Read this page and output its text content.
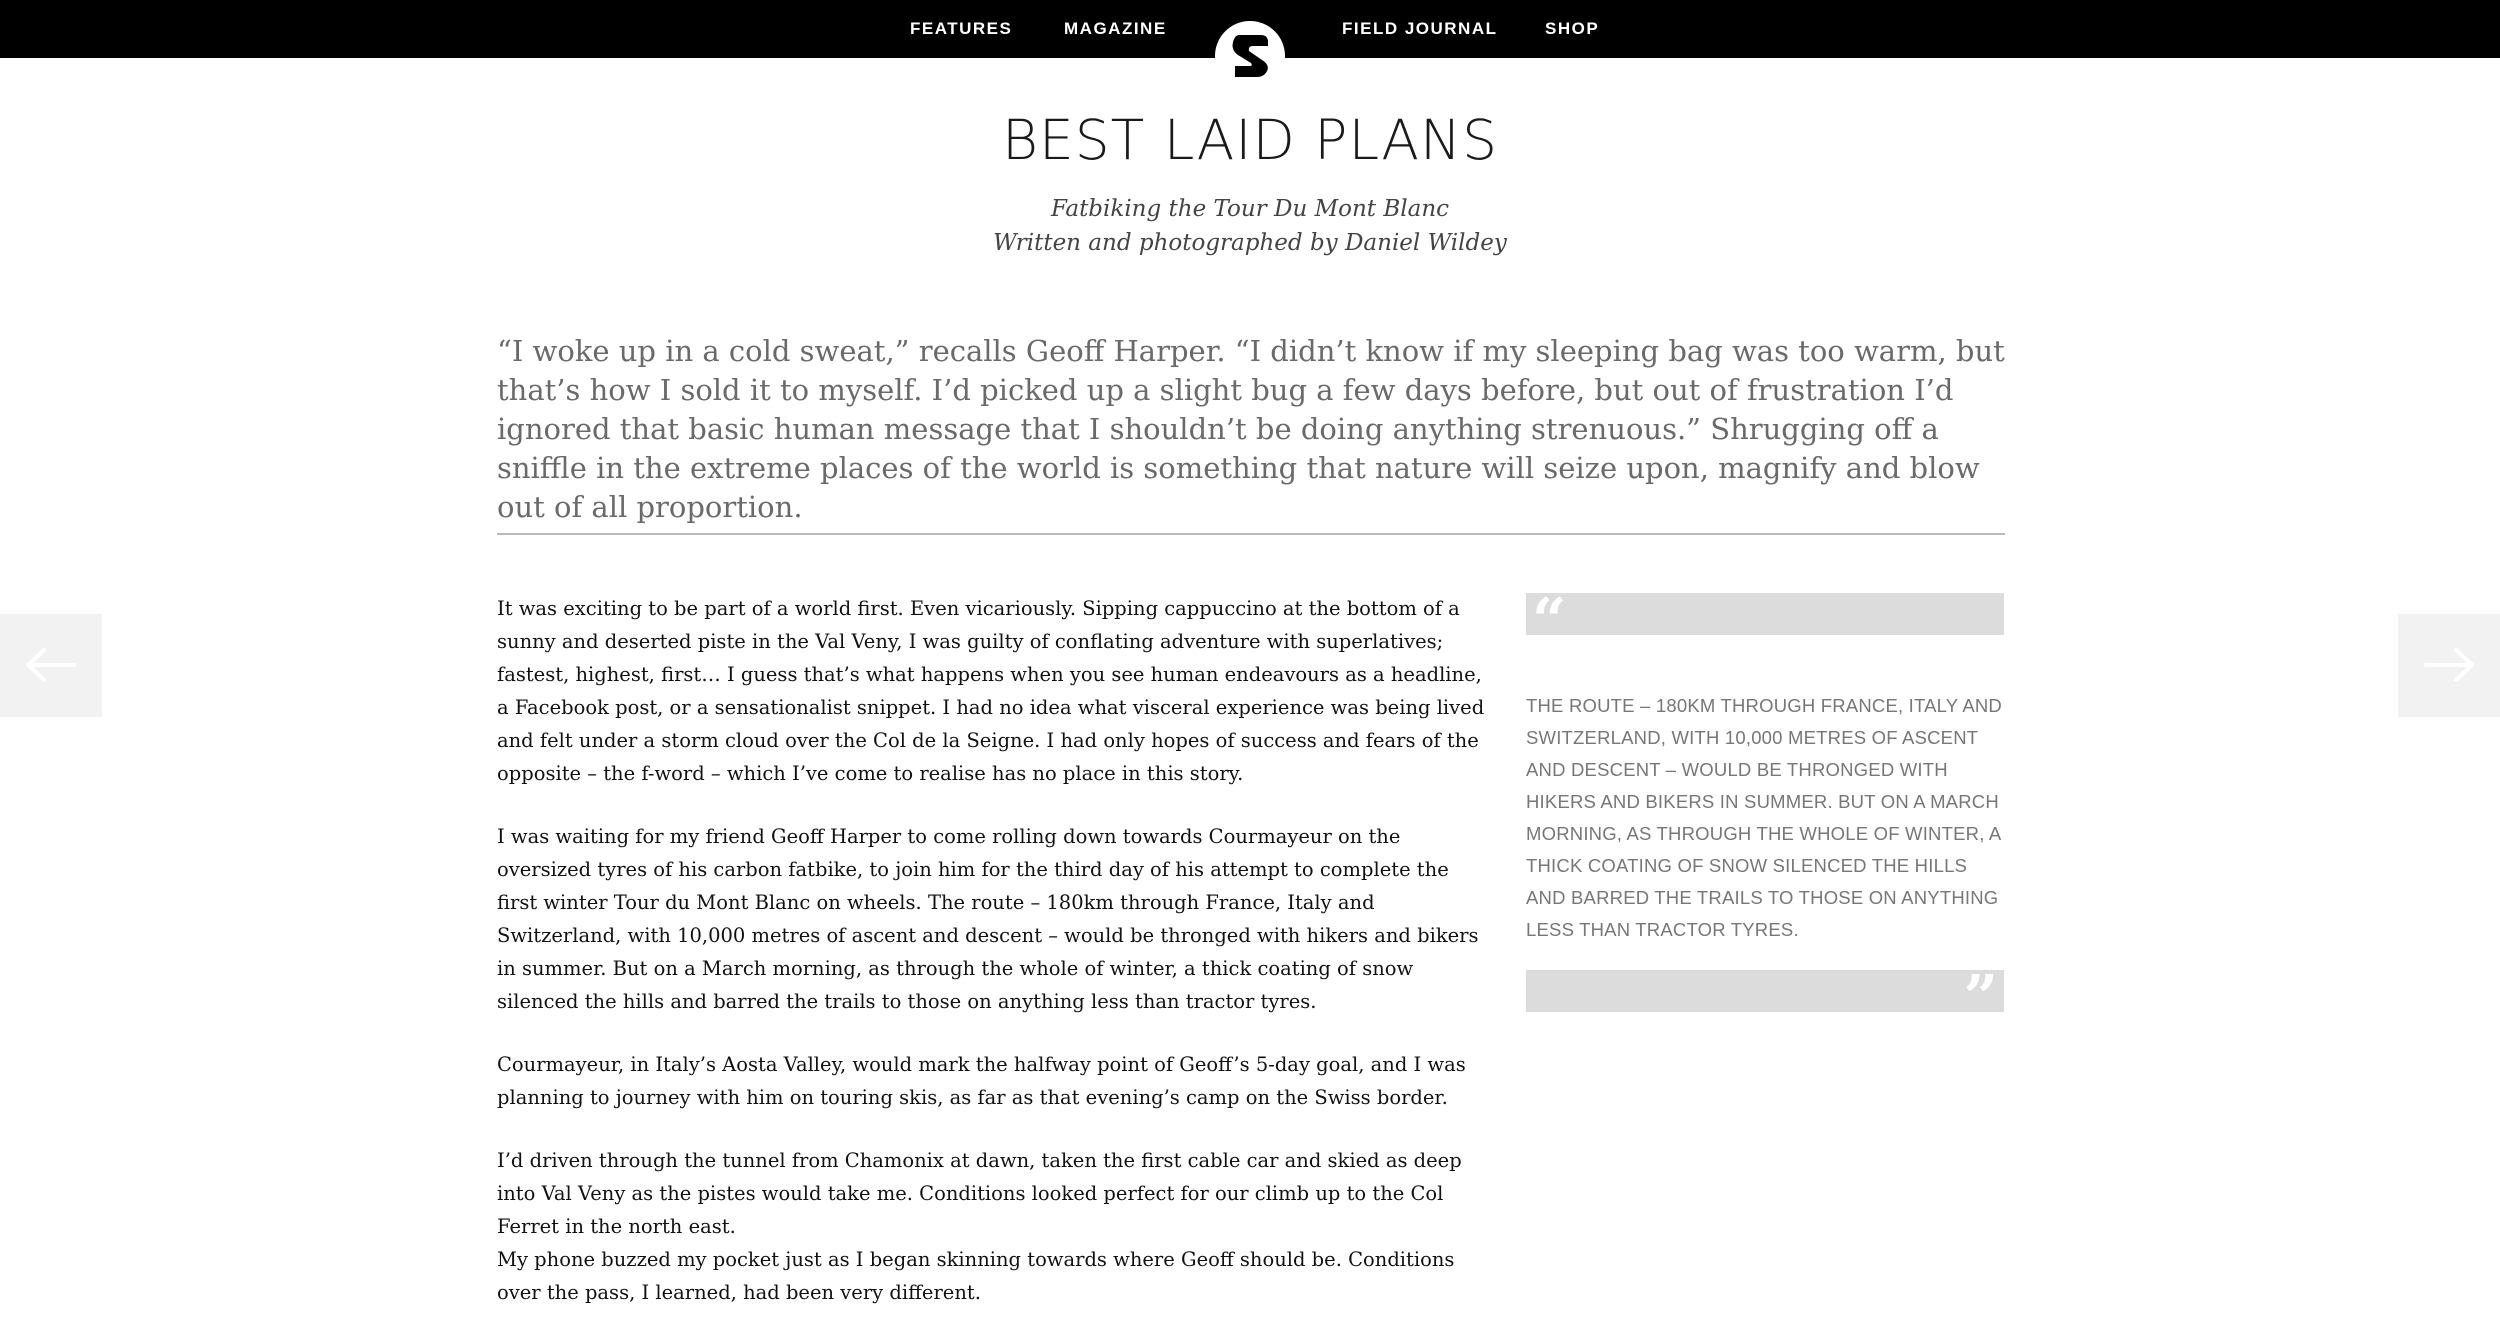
FEATURES	MAGAZINE	FIELD JOURNAL	SHOP
BEST LAID PLANS
Fatbiking the Tour Du Mont Blanc
Written and photographed by Daniel Wildey
“I woke up in a cold sweat,” recalls Geoff Harper. “I didn’t know if my sleeping bag was too warm, but that’s how I sold it to myself. I’d picked up a slight bug a few days before, but out of frustration I’d ignored that basic human message that I shouldn’t be doing anything strenuous.” Shrugging off a sniffle in the extreme places of the world is something that nature will seize upon, magnify and blow out of all proportion.

It was exciting to be part of a world first. Even vicariously. Sipping cappuccino at the bottom of a sunny and deserted piste in the Val Veny, I was guilty of conflating adventure with superlatives; fastest, highest, first… I guess that’s what happens when you see human endeavours as a headline, a Facebook post, or a sensationalist snippet. I had no idea what visceral experience was being lived and felt under a storm cloud over the Col de la Seigne. I had only hopes of success and fears of the opposite – the f-word – which I’ve come to realise has no place in this story.

I was waiting for my friend Geoff Harper to come rolling down towards Courmayeur on the oversized tyres of his carbon fatbike, to join him for the third day of his attempt to complete the first winter Tour du Mont Blanc on wheels. The route – 180km through France, Italy and Switzerland, with 10,000 metres of ascent and descent – would be thronged with hikers and bikers in summer. But on a March morning, as through the whole of winter, a thick coating of snow silenced the hills and barred the trails to those on anything less than tractor tyres.

Courmayeur, in Italy’s Aosta Valley, would mark the halfway point of Geoff’s 5-day goal, and I was planning to journey with him on touring skis, as far as that evening’s camp on the Swiss border.

I’d driven through the tunnel from Chamonix at dawn, taken the first cable car and skied as deep into Val Veny as the pistes would take me. Conditions looked perfect for our climb up to the Col Ferret in the north east.

My phone buzzed my pocket just as I began skinning towards where Geoff should be. Conditions over the pass, I learned, had been very different.

“
THE ROUTE – 180KM THROUGH FRANCE, ITALY AND SWITZERLAND, WITH 10,000 METRES OF ASCENT AND DESCENT – WOULD BE THRONGED WITH HIKERS AND BIKERS IN SUMMER. BUT ON A MARCH MORNING, AS THROUGH THE WHOLE OF WINTER, A THICK COATING OF SNOW SILENCED THE HILLS AND BARRED THE TRAILS TO THOSE ON ANYTHING LESS THAN TRACTOR TYRES.
”
